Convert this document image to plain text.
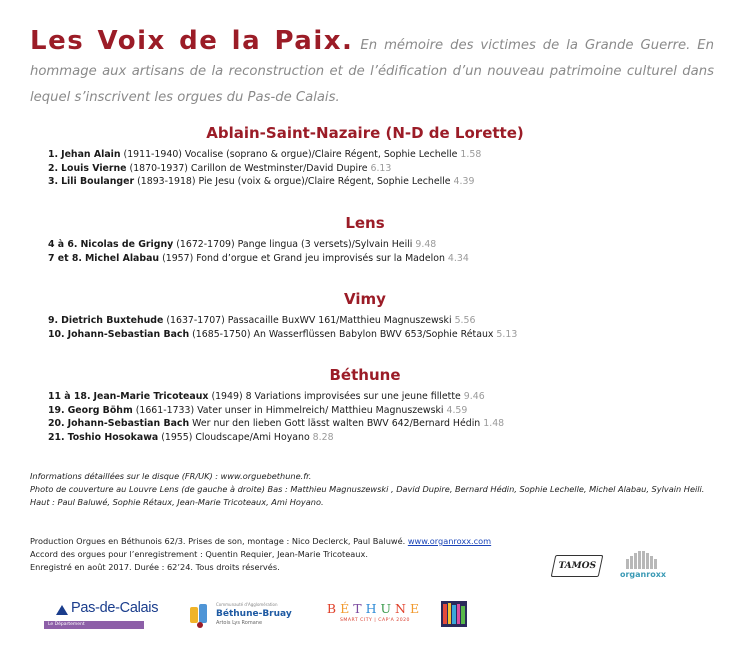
Les Voix de la Paix. En mémoire des victimes de la Grande Guerre. En hommage aux artisans de la reconstruction et de l’édification d’un nouveau patrimoine culturel dans lequel s’inscrivent les orgues du Pas-de Calais.

Ablain-Saint-Nazaire (N-D de Lorette)
1. Jehan Alain (1911-1940) Vocalise (soprano & orgue)/Claire Régent, Sophie Lechelle 1.58
2. Louis Vierne (1870-1937) Carillon de Westminster/David Dupire 6.13
3. Lili Boulanger (1893-1918) Pie Jesu (voix & orgue)/Claire Régent, Sophie Lechelle 4.39
Lens
4 à 6. Nicolas de Grigny (1672-1709) Pange lingua (3 versets)/Sylvain Heili 9.48
7 et 8. Michel Alabau (1957) Fond d’orgue et Grand jeu improvisés sur la Madelon 4.34
Vimy
9. Dietrich Buxtehude (1637-1707) Passacaille BuxWV 161/Matthieu Magnuszewski 5.56
10. Johann-Sebastian Bach (1685-1750) An Wasserflüssen Babylon BWV 653/Sophie Rétaux 5.13
Béthune
11 à 18. Jean-Marie Tricoteaux (1949) 8 Variations improvisées sur une jeune fillette 9.46
19. Georg Böhm (1661-1733) Vater unser in Himmelreich/ Matthieu Magnuszewski 4.59
20. Johann-Sebastian Bach Wer nur den lieben Gott lässt walten BWV 642/Bernard Hédin 1.48
21. Toshio Hosokawa (1955) Cloudscape/Ami Hoyano 8.28

Informations détaillées sur le disque (FR/UK) : www.orguebethune.fr.

Photo de couverture au Louvre Lens (de gauche à droite) Bas : Matthieu Magnuszewski , David Dupire, Bernard Hédin, Sophie Lechelle, Michel Alabau, Sylvain Heili. Haut : Paul Baluwé, Sophie Rétaux, Jean-Marie Tricoteaux, Ami Hoyano.

Production Orgues en Béthunois 62/3. Prises de son, montage : Nico Declerck, Paul Baluwé. www.organroxx.com

Accord des orgues pour l’enregistrement : Quentin Requier, Jean-Marie Tricoteaux.

Enregistré en août 2017. Durée : 62’24. Tous droits réservés.	TAMOS
organroxx
Pas-de-Calais
Le Département
Communauté d'Agglomération
Béthune-Bruay
Artois Lys Romane
BÉTHUNE
SMART CITY | CAP'A 2020
